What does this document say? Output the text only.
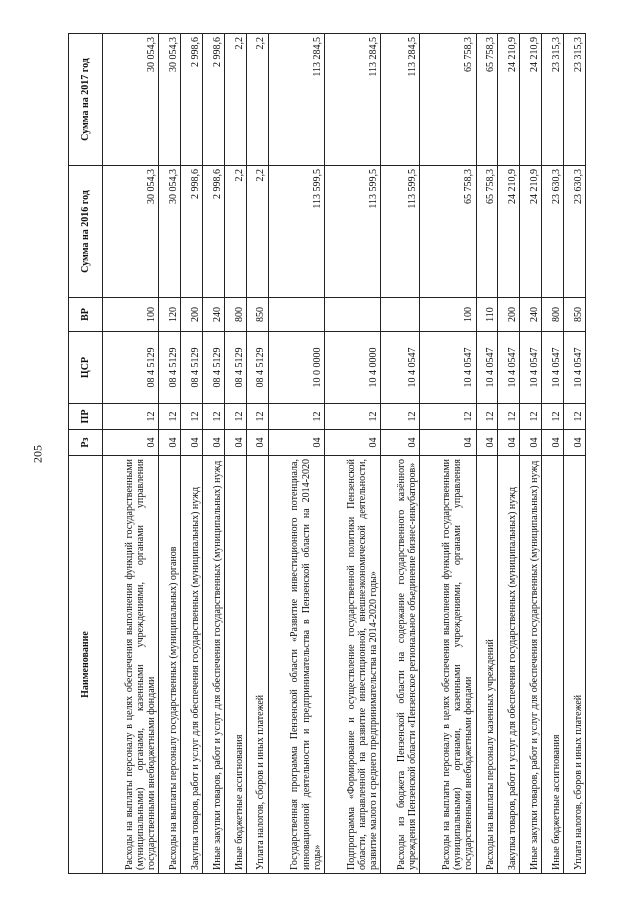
205
Наименование	Рз	ПР	ЦСР	ВР	Сумма на 2016 год	Сумма на 2017 год
Расходы на выплаты персоналу в целях обеспечения выполнения функций государственными (муниципальными) органами, казенными учреждениями, органами управления государственными внебюджетными фондами	04	12	08 4 5129	100	30 054,3	30 054,3
Расходы на выплаты персоналу государственных (муниципальных) органов	04	12	08 4 5129	120	30 054,3	30 054,3
Закупка товаров, работ и услуг для обеспечения государственных (муниципальных) нужд	04	12	08 4 5129	200	2 998,6	2 998,6
Иные закупки товаров, работ и услуг для обеспечения государственных (муниципальных) нужд	04	12	08 4 5129	240	2 998,6	2 998,6
Иные бюджетные ассигнования	04	12	08 4 5129	800	2,2	2,2
Уплата налогов, сборов и иных платежей	04	12	08 4 5129	850	2,2	2,2
Государственная программа Пензенской области «Развитие инвестиционного потенциала, инновационной деятельности и предпринимательства в Пензенской области на 2014-2020 годы»	04	12	10 0 0000		113 599,5	113 284,5
Подпрограмма «Формирование и осуществление государственной политики Пензенской области, направленной на развитие инвестиционной, внешнеэкономической деятельности, развитие малого и среднего предпринимательства на 2014-2020 годы»	04	12	10 4 0000		113 599,5	113 284,5
Расходы из бюджета Пензенской области на содержание государственного казённого учреждения Пензенской области «Пензенское региональное объединение бизнес-инкубаторов»	04	12	10 4 0547		113 599,5	113 284,5
Расходы на выплаты персоналу в целях обеспечения выполнения функций государственными (муниципальными) органами, казенными учреждениями, органами управления государственными внебюджетными фондами	04	12	10 4 0547	100	65 758,3	65 758,3
Расходы на выплаты персоналу казенных учреждений	04	12	10 4 0547	110	65 758,3	65 758,3
Закупка товаров, работ и услуг для обеспечения государственных (муниципальных) нужд	04	12	10 4 0547	200	24 210,9	24 210,9
Иные закупки товаров, работ и услуг для обеспечения государственных (муниципальных) нужд	04	12	10 4 0547	240	24 210,9	24 210,9
Иные бюджетные ассигнования	04	12	10 4 0547	800	23 630,3	23 315,3
Уплата налогов, сборов и иных платежей	04	12	10 4 0547	850	23 630,3	23 315,3
